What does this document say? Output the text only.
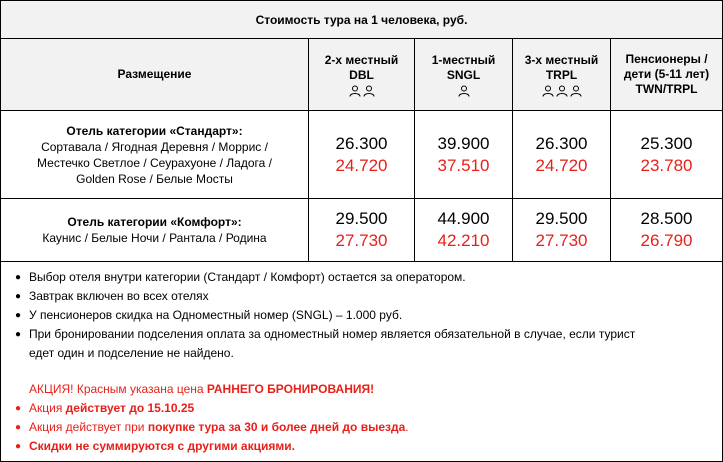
Стоимость тура на 1 человека, руб.
Размещение
2-х местный
DBL
1-местный
SNGL
3-х местный
TRPL
Пенсионеры /
дети (5-11 лет)
TWN/TRPL
Отель категории «Стандарт»:
Сортавала / Ягодная Деревня / Моррис /
Местечко Светлое / Сеурахуоне / Ладога /
Golden Rose / Белые Мосты
26.300
24.720
39.900
37.510
26.300
24.720
25.300
23.780
Отель категории «Комфорт»:
Каунис / Белые Ночи / Рантала / Родина
29.500
27.730
44.900
42.210
29.500
27.730
28.500
26.790
● Выбор отеля внутри категории (Стандарт / Комфорт) остается за оператором.
● Завтрак включен во всех отелях
● У пенсионеров скидка на Одноместный номер (SNGL) – 1.000 руб.
● При бронировании подселения оплата за одноместный номер является обязательной в случае, если турист
едет один и подселение не найдено.
АКЦИЯ! Красным указана цена РАННЕГО БРОНИРОВАНИЯ!
● Акция действует до 15.10.25
● Акция действует при покупке тура за 30 и более дней до выезда.
● Скидки не суммируются с другими акциями.
